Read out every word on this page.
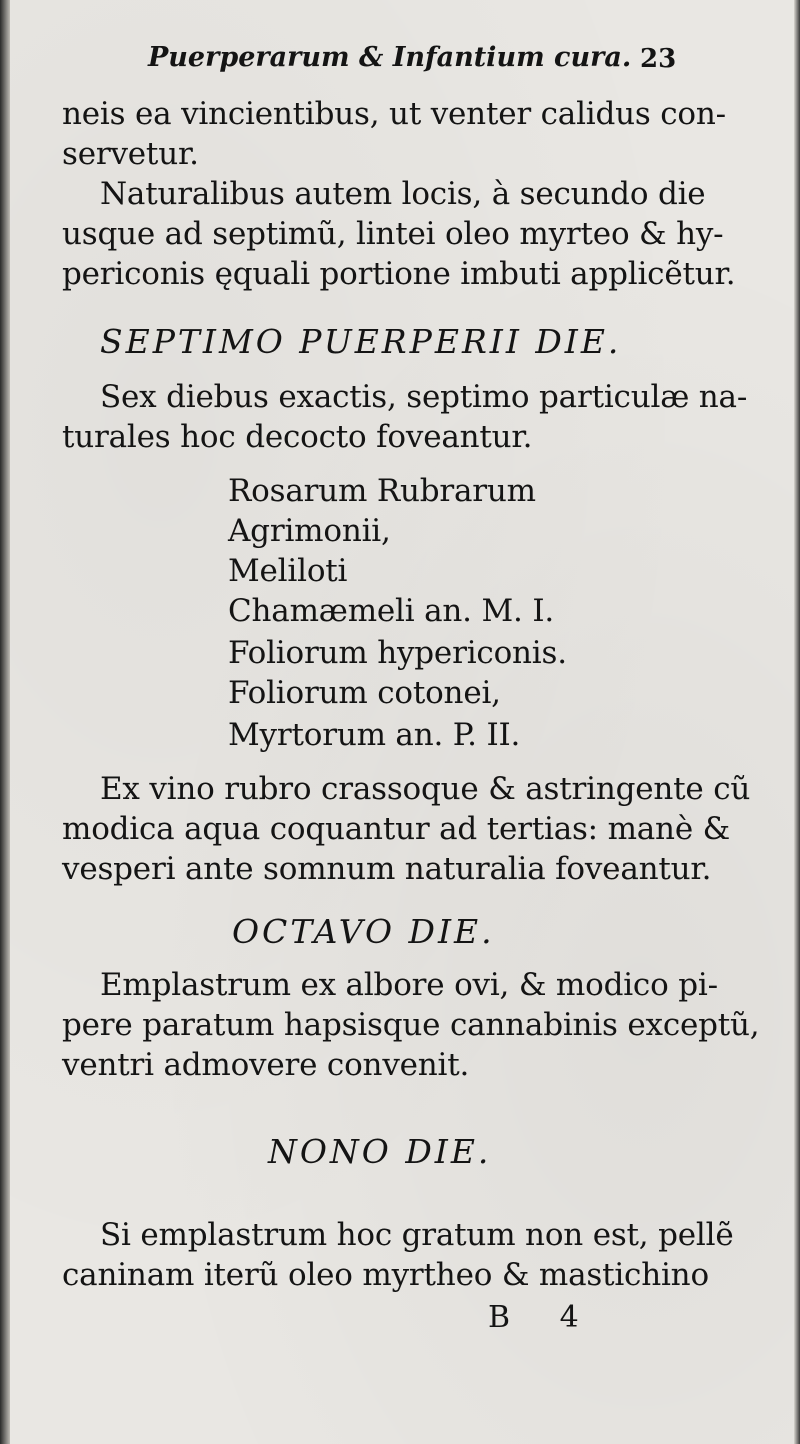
Puerperarum & Infantium cura. 23
neis ea vincientibus, ut venter calidus con-
servetur.
Naturalibus autem locis, à secundo die
usque ad septimũ, lintei oleo myrteo & hy-
periconis ęquali portione imbuti applicẽtur.
SEPTIMO PUERPERII DIE.
Sex diebus exactis, septimo particulæ na-
turales hoc decocto foveantur.
Rosarum Rubrarum
Agrimonii,
Meliloti
Chamæmeli an. M. I.
Foliorum hypericonis.
Foliorum cotonei,
Myrtorum an. P. II.
Ex vino rubro crassoque & astringente cũ
modica aqua coquantur ad tertias: manè &
vesperi ante somnum naturalia foveantur.
OCTAVO DIE.
Emplastrum ex albore ovi, & modico pi-
pere paratum hapsisque cannabinis exceptũ,
ventri admovere convenit.
NONO DIE.
Si emplastrum hoc gratum non est, pellẽ
caninam iterũ oleo myrtheo & mastichino
B 4
